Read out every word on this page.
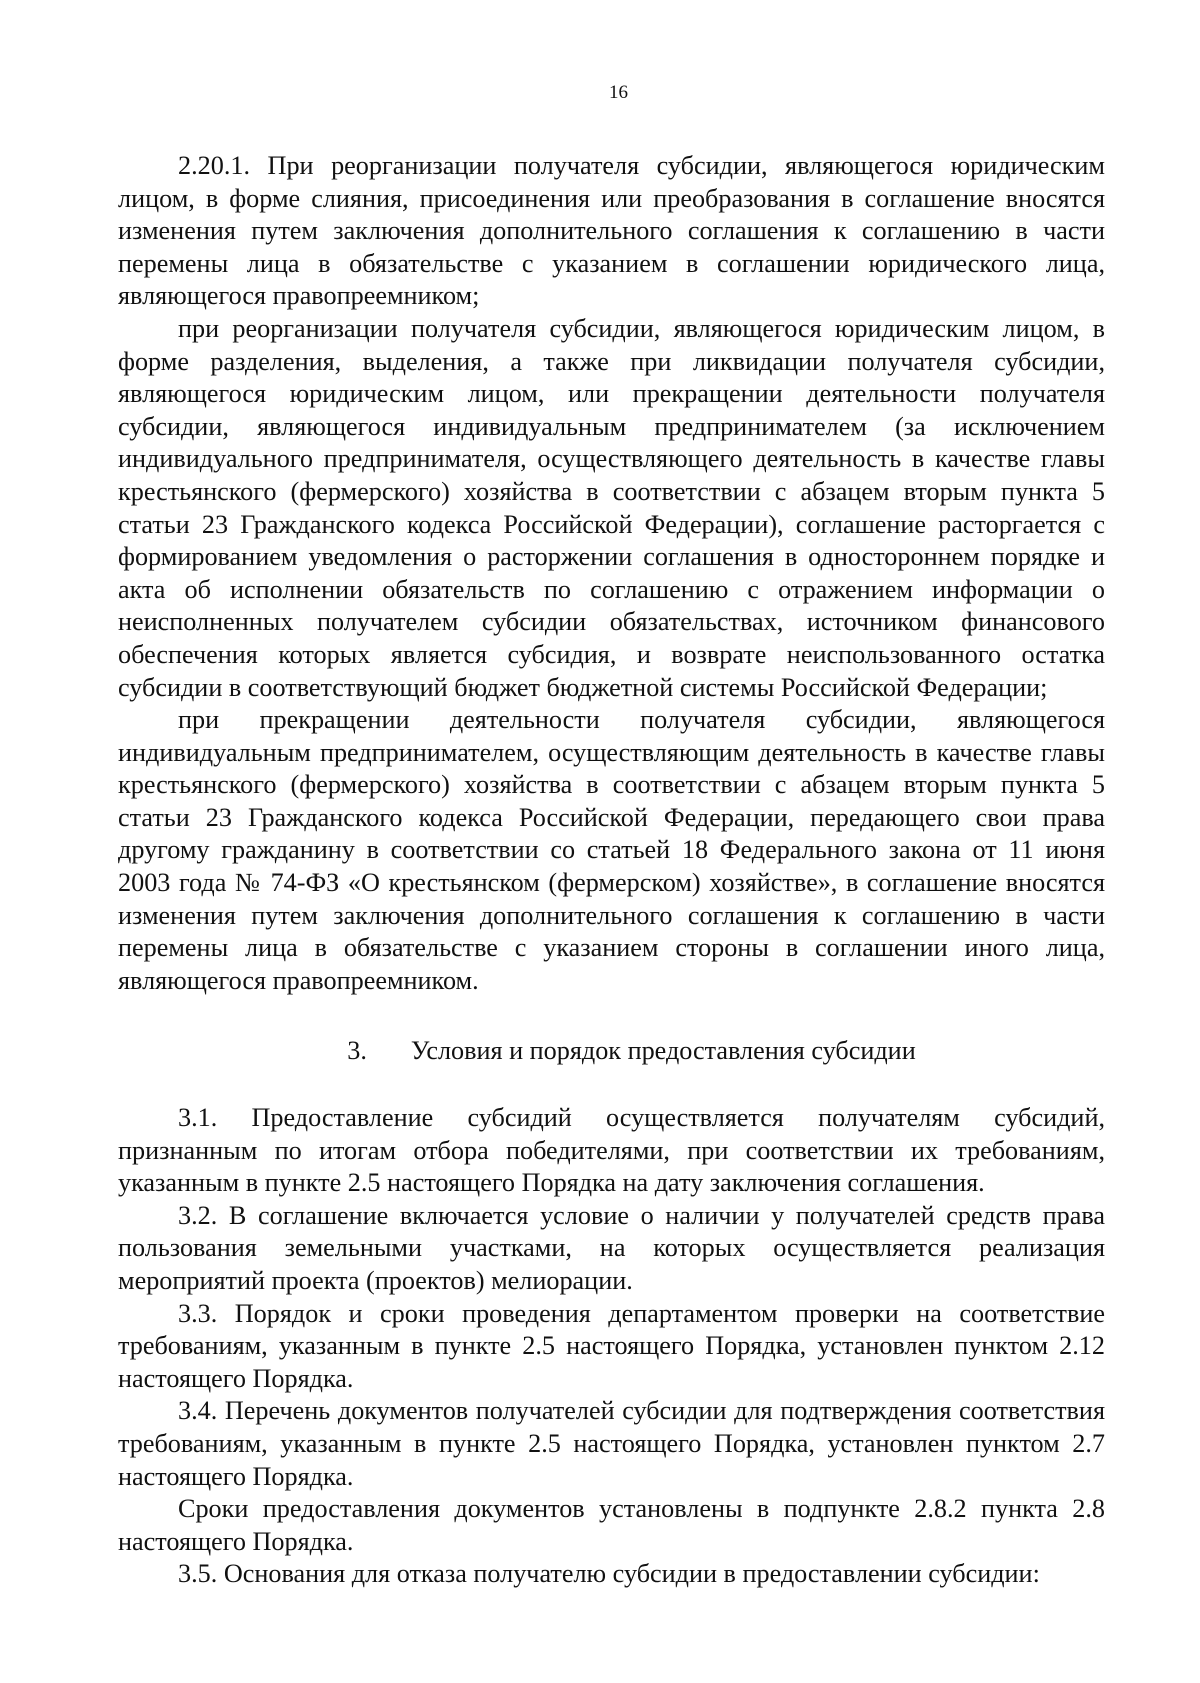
16

2.20.1. При реорганизации получателя субсидии, являющегося юридическим лицом, в форме слияния, присоединения или преобразования в соглашение вносятся изменения путем заключения дополнительного соглашения к соглашению в части перемены лица в обязательстве с указанием в соглашении юридического лица, являющегося правопреемником;

при реорганизации получателя субсидии, являющегося юридическим лицом, в форме разделения, выделения, а также при ликвидации получателя субсидии, являющегося юридическим лицом, или прекращении деятельности получателя субсидии, являющегося индивидуальным предпринимателем (за исключением индивидуального предпринимателя, осуществляющего деятельность в качестве главы крестьянского (фермерского) хозяйства в соответствии с абзацем вторым пункта 5 статьи 23 Гражданского кодекса Российской Федерации), соглашение расторгается с формированием уведомления о расторжении соглашения в одностороннем порядке и акта об исполнении обязательств по соглашению с отражением информации о неисполненных получателем субсидии обязательствах, источником финансового обеспечения которых является субсидия, и возврате неиспользованного остатка субсидии в соответствующий бюджет бюджетной системы Российской Федерации;

при прекращении деятельности получателя субсидии, являющегося индивидуальным предпринимателем, осуществляющим деятельность в качестве главы крестьянского (фермерского) хозяйства в соответствии с абзацем вторым пункта 5 статьи 23 Гражданского кодекса Российской Федерации, передающего свои права другому гражданину в соответствии со статьей 18 Федерального закона от 11 июня 2003 года № 74-ФЗ «О крестьянском (фермерском) хозяйстве», в соглашение вносятся изменения путем заключения дополнительного соглашения к соглашению в части перемены лица в обязательстве с указанием стороны в соглашении иного лица, являющегося правопреемником.

3. Условия и порядок предоставления субсидии

3.1. Предоставление субсидий осуществляется получателям субсидий, признанным по итогам отбора победителями, при соответствии их требованиям, указанным в пункте 2.5 настоящего Порядка на дату заключения соглашения.

3.2. В соглашение включается условие о наличии у получателей средств права пользования земельными участками, на которых осуществляется реализация мероприятий проекта (проектов) мелиорации.

3.3. Порядок и сроки проведения департаментом проверки на соответствие требованиям, указанным в пункте 2.5 настоящего Порядка, установлен пунктом 2.12 настоящего Порядка.

3.4. Перечень документов получателей субсидии для подтверждения соответствия требованиям, указанным в пункте 2.5 настоящего Порядка, установлен пунктом 2.7 настоящего Порядка.

Сроки предоставления документов установлены в подпункте 2.8.2 пункта 2.8 настоящего Порядка.

3.5. Основания для отказа получателю субсидии в предоставлении субсидии:
